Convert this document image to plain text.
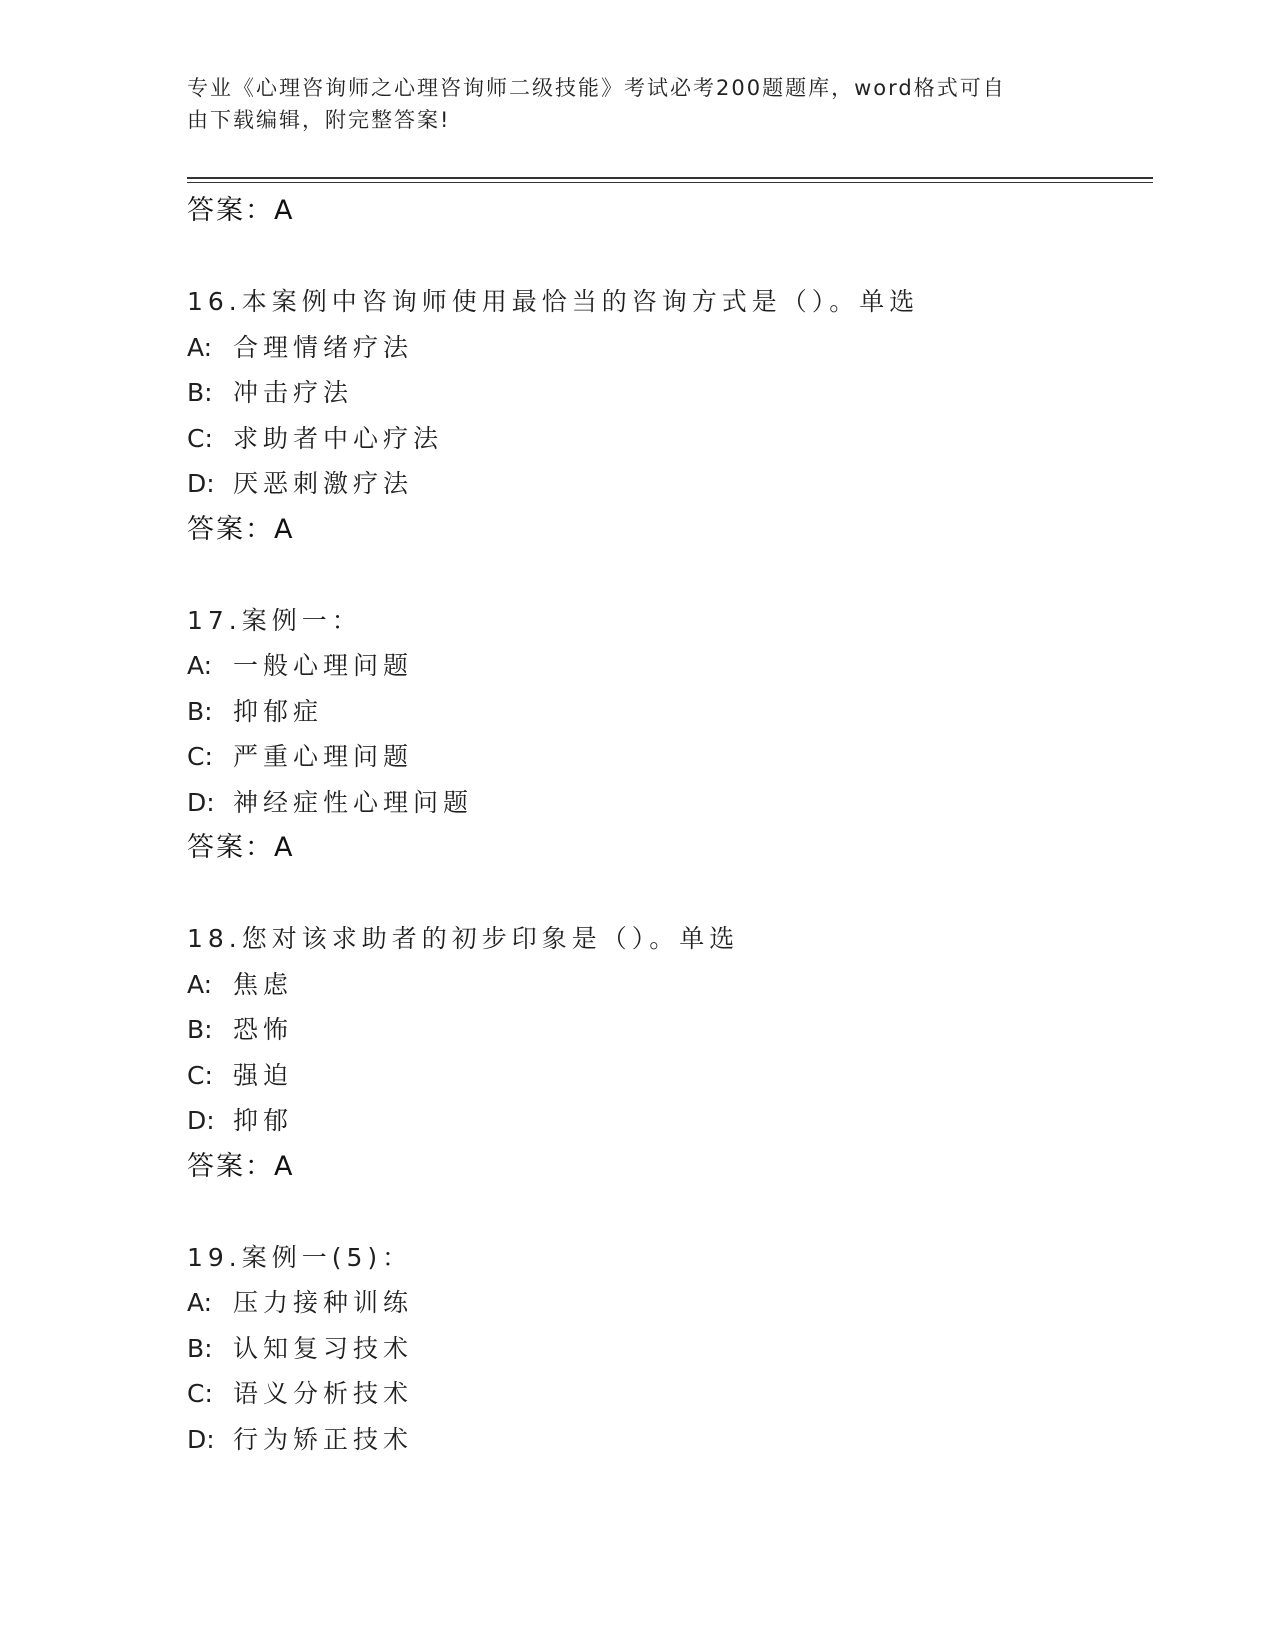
专业《心理咨询师之心理咨询师二级技能》考试必考200题题库，word格式可自
由下载编辑，附完整答案!
答案：A
16.本案例中咨询师使用最恰当的咨询方式是（）。单选
A: 合理情绪疗法
B: 冲击疗法
C: 求助者中心疗法
D: 厌恶刺激疗法
答案：A
17.案例一：
A: 一般心理问题
B: 抑郁症
C: 严重心理问题
D: 神经症性心理问题
答案：A
18.您对该求助者的初步印象是（）。单选
A: 焦虑
B: 恐怖
C: 强迫
D: 抑郁
答案：A
19.案例一(5)：
A: 压力接种训练
B: 认知复习技术
C: 语义分析技术
D: 行为矫正技术
